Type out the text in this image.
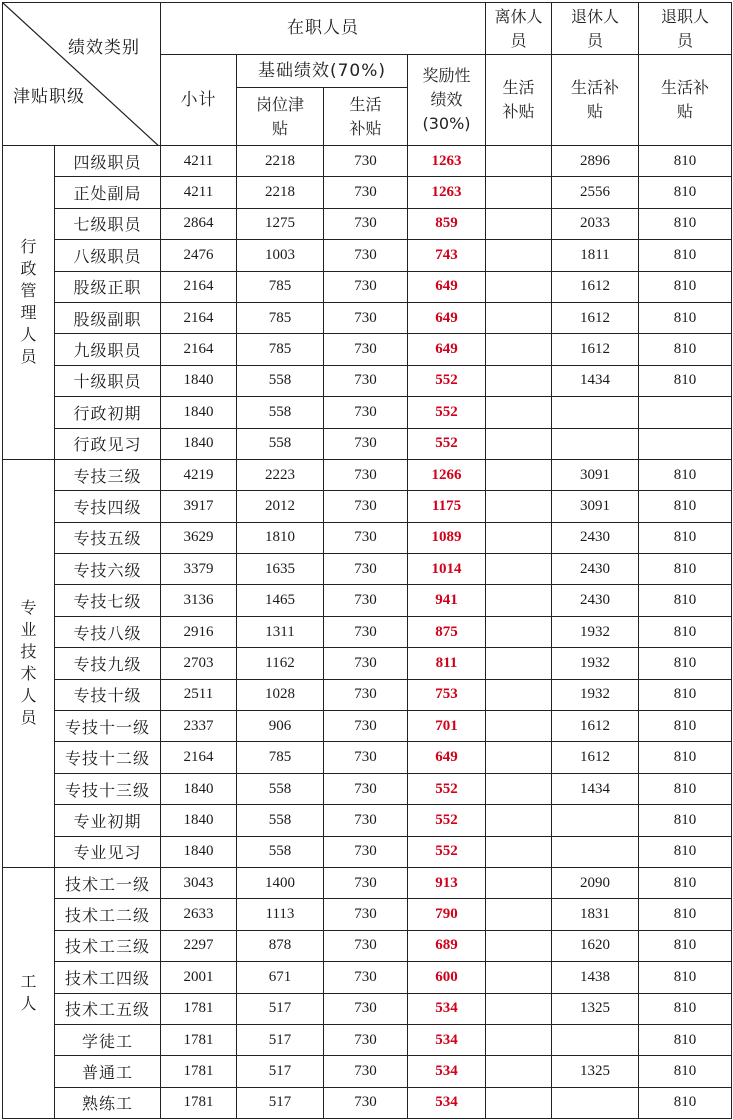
绩效类别
津贴职级		在职人员				离休人员	退休人员	退职人员
		小计	基础绩效(70%)		奖励性绩效(30%)	生活补贴	生活补贴	生活补贴
			岗位津贴	生活补贴				

行政管理人员	四级职员	4211	2218	730	1263		2896	810
	正处副局	4211	2218	730	1263		2556	810
	七级职员	2864	1275	730	859		2033	810
	八级职员	2476	1003	730	743		1811	810
	股级正职	2164	785	730	649		1612	810
	股级副职	2164	785	730	649		1612	810
	九级职员	2164	785	730	649		1612	810
	十级职员	1840	558	730	552		1434	810
	行政初期	1840	558	730	552			
	行政见习	1840	558	730	552			

专业技术人员	专技三级	4219	2223	730	1266		3091	810
	专技四级	3917	2012	730	1175		3091	810
	专技五级	3629	1810	730	1089		2430	810
	专技六级	3379	1635	730	1014		2430	810
	专技七级	3136	1465	730	941		2430	810
	专技八级	2916	1311	730	875		1932	810
	专技九级	2703	1162	730	811		1932	810
	专技十级	2511	1028	730	753		1932	810
	专技十一级	2337	906	730	701		1612	810
	专技十二级	2164	785	730	649		1612	810
	专技十三级	1840	558	730	552		1434	810
	专业初期	1840	558	730	552			810
	专业见习	1840	558	730	552			810

工人	技术工一级	3043	1400	730	913		2090	810
	技术工二级	2633	1113	730	790		1831	810
	技术工三级	2297	878	730	689		1620	810
	技术工四级	2001	671	730	600		1438	810
	技术工五级	1781	517	730	534		1325	810
	学徒工	1781	517	730	534			810
	普通工	1781	517	730	534		1325	810
	熟练工	1781	517	730	534			810
